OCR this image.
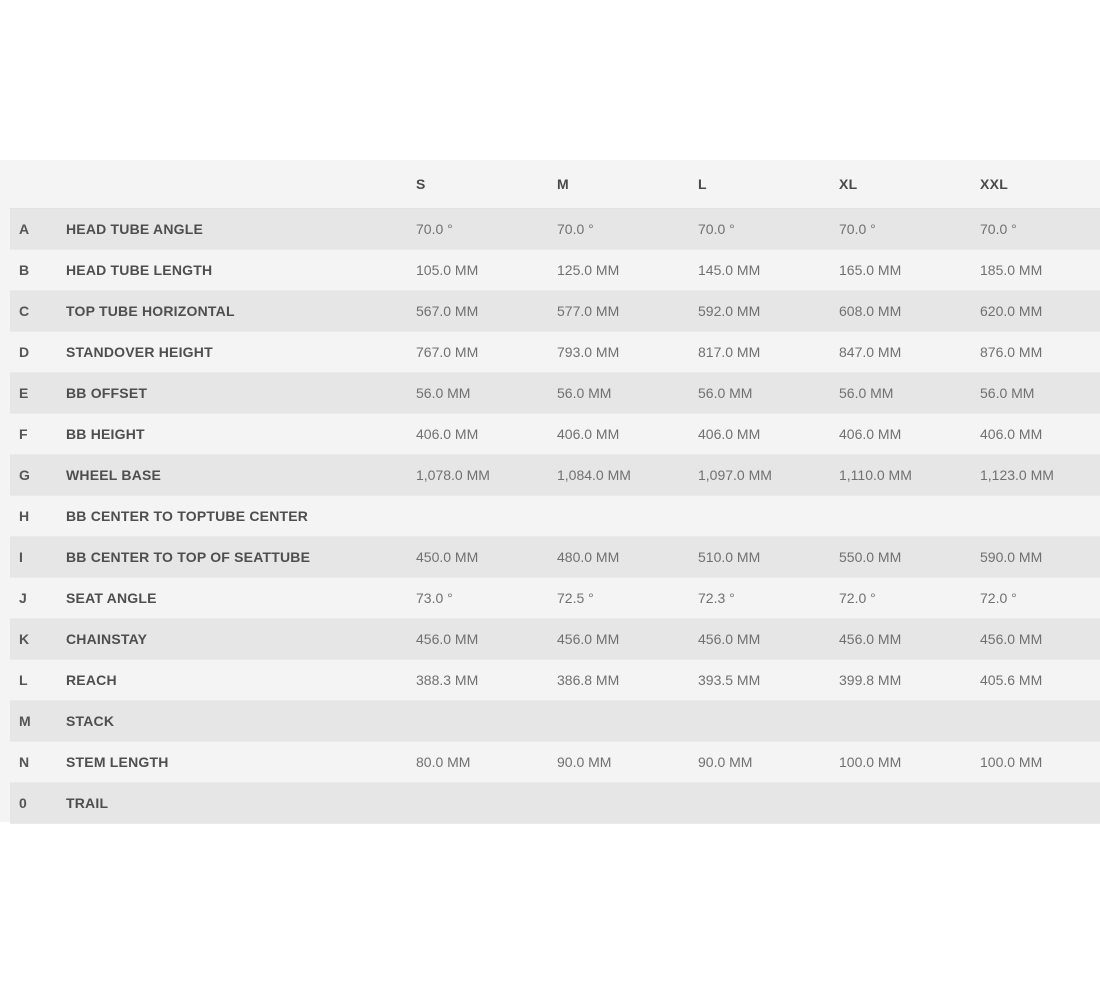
		S	M	L	XL	XXL
A	HEAD TUBE ANGLE	70.0 °	70.0 °	70.0 °	70.0 °	70.0 °
B	HEAD TUBE LENGTH	105.0 MM	125.0 MM	145.0 MM	165.0 MM	185.0 MM
C	TOP TUBE HORIZONTAL	567.0 MM	577.0 MM	592.0 MM	608.0 MM	620.0 MM
D	STANDOVER HEIGHT	767.0 MM	793.0 MM	817.0 MM	847.0 MM	876.0 MM
E	BB OFFSET	56.0 MM	56.0 MM	56.0 MM	56.0 MM	56.0 MM
F	BB HEIGHT	406.0 MM	406.0 MM	406.0 MM	406.0 MM	406.0 MM
G	WHEEL BASE	1,078.0 MM	1,084.0 MM	1,097.0 MM	1,110.0 MM	1,123.0 MM
H	BB CENTER TO TOPTUBE CENTER					
I	BB CENTER TO TOP OF SEATTUBE	450.0 MM	480.0 MM	510.0 MM	550.0 MM	590.0 MM
J	SEAT ANGLE	73.0 °	72.5 °	72.3 °	72.0 °	72.0 °
K	CHAINSTAY	456.0 MM	456.0 MM	456.0 MM	456.0 MM	456.0 MM
L	REACH	388.3 MM	386.8 MM	393.5 MM	399.8 MM	405.6 MM
M	STACK					
N	STEM LENGTH	80.0 MM	90.0 MM	90.0 MM	100.0 MM	100.0 MM
0	TRAIL					
